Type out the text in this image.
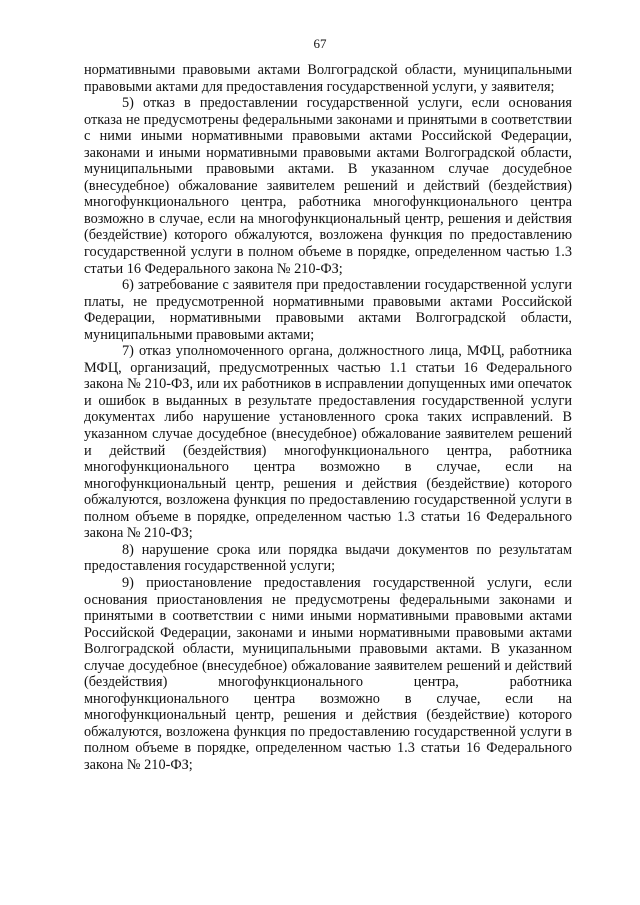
67

нормативными правовыми актами Волгоградской области, муниципальными правовыми актами для предоставления государственной услуги, у заявителя;

5) отказ в предоставлении государственной услуги, если основания отказа не предусмотрены федеральными законами и принятыми в соответствии с ними иными нормативными правовыми актами Российской Федерации, законами и иными нормативными правовыми актами Волгоградской области, муниципальными правовыми актами. В указанном случае досудебное (внесудебное) обжалование заявителем решений и действий (бездействия) многофункционального центра, работника многофункционального центра возможно в случае, если на многофункциональный центр, решения и действия (бездействие) которого обжалуются, возложена функция по предоставлению государственной услуги в полном объеме в порядке, определенном частью 1.3 статьи 16 Федерального закона № 210-ФЗ;

6) затребование с заявителя при предоставлении государственной услуги платы, не предусмотренной нормативными правовыми актами Российской Федерации, нормативными правовыми актами Волгоградской области, муниципальными правовыми актами;

7) отказ уполномоченного органа, должностного лица, МФЦ, работника МФЦ, организаций, предусмотренных частью 1.1 статьи 16 Федерального закона № 210-ФЗ, или их работников в исправлении допущенных ими опечаток и ошибок в выданных в результате предоставления государственной услуги документах либо нарушение установленного срока таких исправлений. В указанном случае досудебное (внесудебное) обжалование заявителем решений и действий (бездействия) многофункционального центра, работника многофункционального центра возможно в случае, если на многофункциональный центр, решения и действия (бездействие) которого обжалуются, возложена функция по предоставлению государственной услуги в полном объеме в порядке, определенном частью 1.3 статьи 16 Федерального закона № 210-ФЗ;

8) нарушение срока или порядка выдачи документов по результатам предоставления государственной услуги;

9) приостановление предоставления государственной услуги, если основания приостановления не предусмотрены федеральными законами и принятыми в соответствии с ними иными нормативными правовыми актами Российской Федерации, законами и иными нормативными правовыми актами Волгоградской области, муниципальными правовыми актами. В указанном случае досудебное (внесудебное) обжалование заявителем решений и действий (бездействия) многофункционального центра, работника многофункционального центра возможно в случае, если на многофункциональный центр, решения и действия (бездействие) которого обжалуются, возложена функция по предоставлению государственной услуги в полном объеме в порядке, определенном частью 1.3 статьи 16 Федерального закона № 210-ФЗ;
